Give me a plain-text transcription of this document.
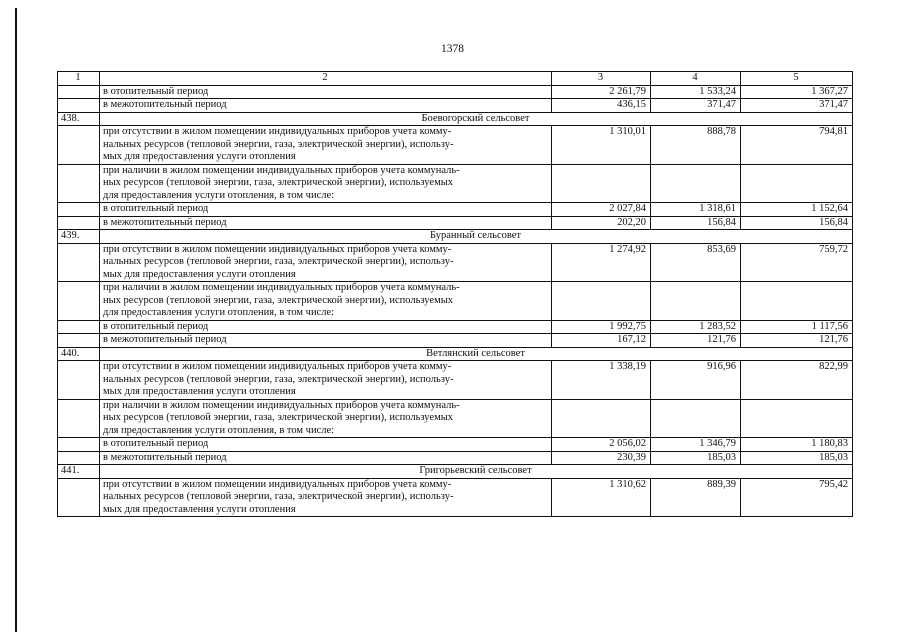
1378
1	2	3	4	5
	в отопительный период	2 261,79	1 533,24	1 367,27
	в межотопительный период	436,15	371,47	371,47
438.	Боевогорский сельсовет			

	при отсутствии в жилом помещении индивидуальных приборов учета комму-
нальных ресурсов (тепловой энергии, газа, электрической энергии), использу-
мых для предоставления услуги отопления	1 310,01	888,78	794,81

	при наличии в жилом помещении индивидуальных приборов учета коммуналь-
ных ресурсов (тепловой энергии, газа, электрической энергии), используемых
для предоставления услуги отопления, в том числе:			

	в отопительный период	2 027,84	1 318,61	1 152,64
	в межотопительный период	202,20	156,84	156,84
439.	Буранный сельсовет			

	при отсутствии в жилом помещении индивидуальных приборов учета комму-
нальных ресурсов (тепловой энергии, газа, электрической энергии), использу-
мых для предоставления услуги отопления	1 274,92	853,69	759,72

	при наличии в жилом помещении индивидуальных приборов учета коммуналь-
ных ресурсов (тепловой энергии, газа, электрической энергии), используемых
для предоставления услуги отопления, в том числе:			

	в отопительный период	1 992,75	1 283,52	1 117,56
	в межотопительный период	167,12	121,76	121,76
440.	Ветлянский сельсовет			

	при отсутствии в жилом помещении индивидуальных приборов учета комму-
нальных ресурсов (тепловой энергии, газа, электрической энергии), использу-
мых для предоставления услуги отопления	1 338,19	916,96	822,99

	при наличии в жилом помещении индивидуальных приборов учета коммуналь-
ных ресурсов (тепловой энергии, газа, электрической энергии), используемых
для предоставления услуги отопления, в том числе:			

	в отопительный период	2 056,02	1 346,79	1 180,83
	в межотопительный период	230,39	185,03	185,03
441.	Григорьевский сельсовет			

	при отсутствии в жилом помещении индивидуальных приборов учета комму-
нальных ресурсов (тепловой энергии, газа, электрической энергии), использу-
мых для предоставления услуги отопления	1 310,62	889,39	795,42
